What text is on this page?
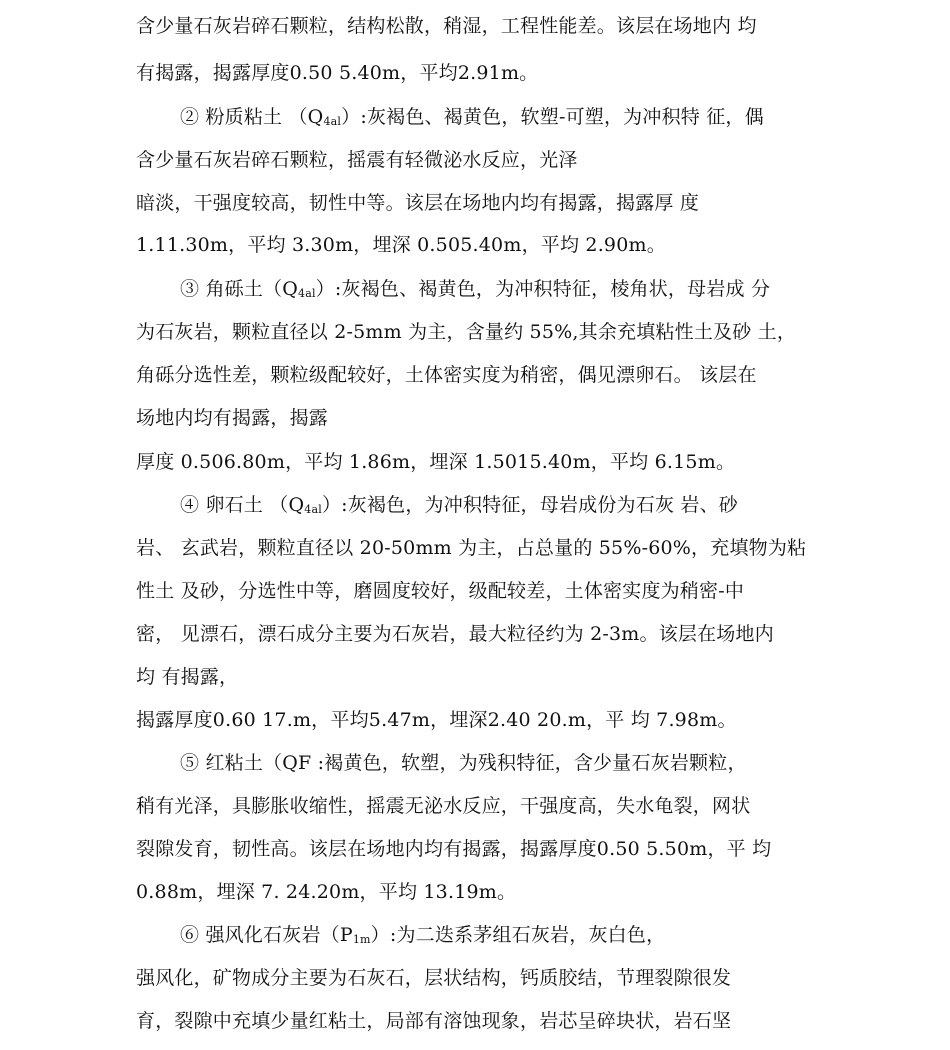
含少量石灰岩碎石颗粒，结构松散，稍湿，工程性能差。该层在场地内 均
有揭露，揭露厚度0.50 5.40m，平均2.91m。
② 粉质粘土 （Q4al）:灰褐色、褐黄色，软塑-可塑，为冲积特 征，偶
含少量石灰岩碎石颗粒，摇震有轻微泌水反应，光泽
暗淡，干强度较高，韧性中等。该层在场地内均有揭露，揭露厚 度
1.11.30m，平均 3.30m，埋深 0.505.40m，平均 2.90m。
③ 角砾土（Q4al）:灰褐色、褐黄色，为冲积特征，棱角状，母岩成 分
为石灰岩，颗粒直径以 2-5mm 为主，含量约 55%,其余充填粘性土及砂 土，
角砾分选性差，颗粒级配较好，土体密实度为稍密，偶见漂卵石。 该层在
场地内均有揭露，揭露
厚度 0.506.80m，平均 1.86m，埋深 1.5015.40m，平均 6.15m。
④ 卵石土 （Q4al）:灰褐色，为冲积特征，母岩成份为石灰 岩、砂
岩、 玄武岩，颗粒直径以 20-50mm 为主，占总量的 55%-60%，充填物为粘
性土 及砂，分选性中等，磨圆度较好，级配较差，土体密实度为稍密-中
密， 见漂石，漂石成分主要为石灰岩，最大粒径约为 2-3m。该层在场地内
均 有揭露，
揭露厚度0.60 17.m，平均5.47m，埋深2.40 20.m，平 均 7.98m。
⑤ 红粘土（QF :褐黄色，软塑，为残积特征，含少量石灰岩颗粒，
稍有光泽，具膨胀收缩性，摇震无泌水反应，干强度高，失水龟裂，网状
裂隙发育，韧性高。该层在场地内均有揭露，揭露厚度0.50 5.50m，平 均
0.88m，埋深 7. 24.20m，平均 13.19m。
⑥ 强风化石灰岩（P1m）:为二迭系茅组石灰岩，灰白色，
强风化，矿物成分主要为石灰石，层状结构，钙质胶结，节理裂隙很发
育，裂隙中充填少量红粘土，局部有溶蚀现象，岩芯呈碎块状，岩石坚
